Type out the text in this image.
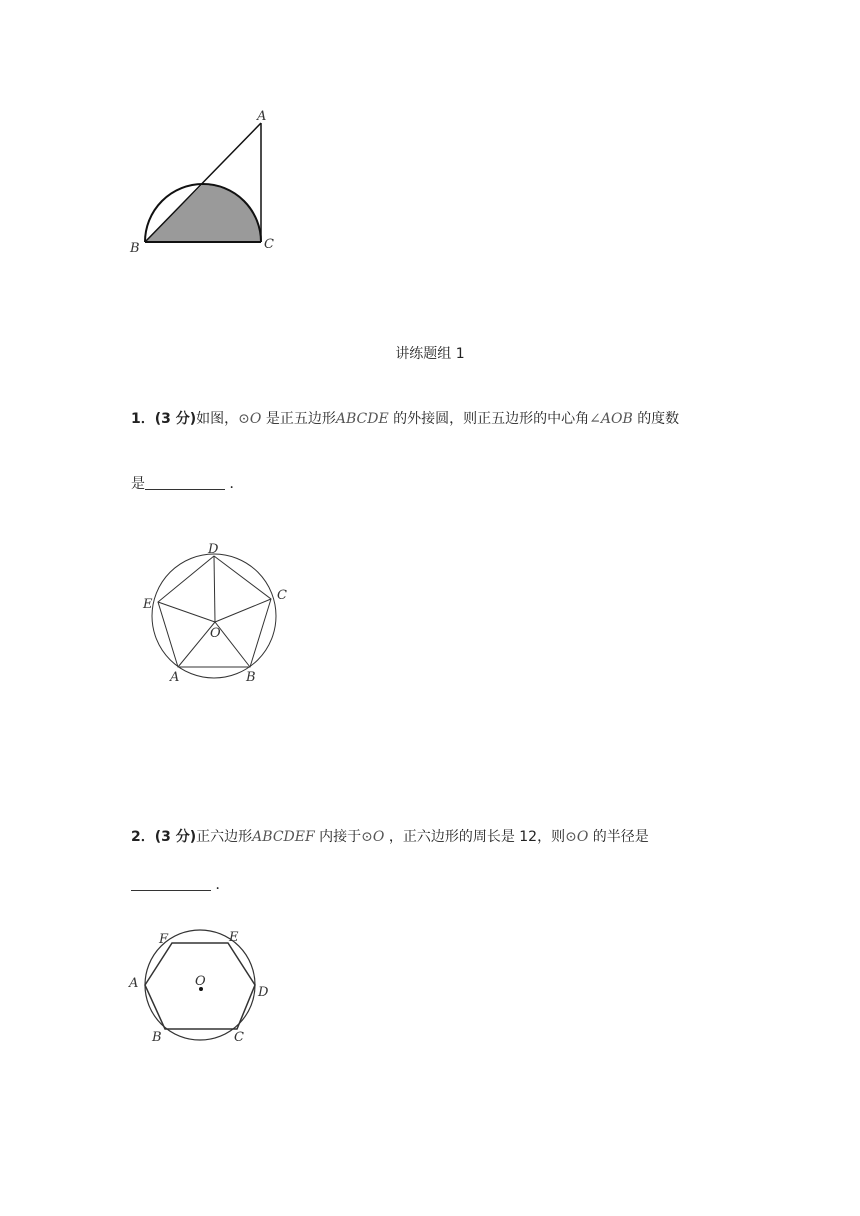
A
B	C
讲练题组 1
1．(3 分)如图，⊙O 是正五边形ABCDE 的外接圆，则正五边形的中心角∠AOB 的度数
是	．
D
C
E
O
A	B
2．(3 分)正六边形ABCDEF 内接于⊙O ，正六边形的周长是 12，则⊙O 的半径是
．
F	E
A	O
D
B	C
